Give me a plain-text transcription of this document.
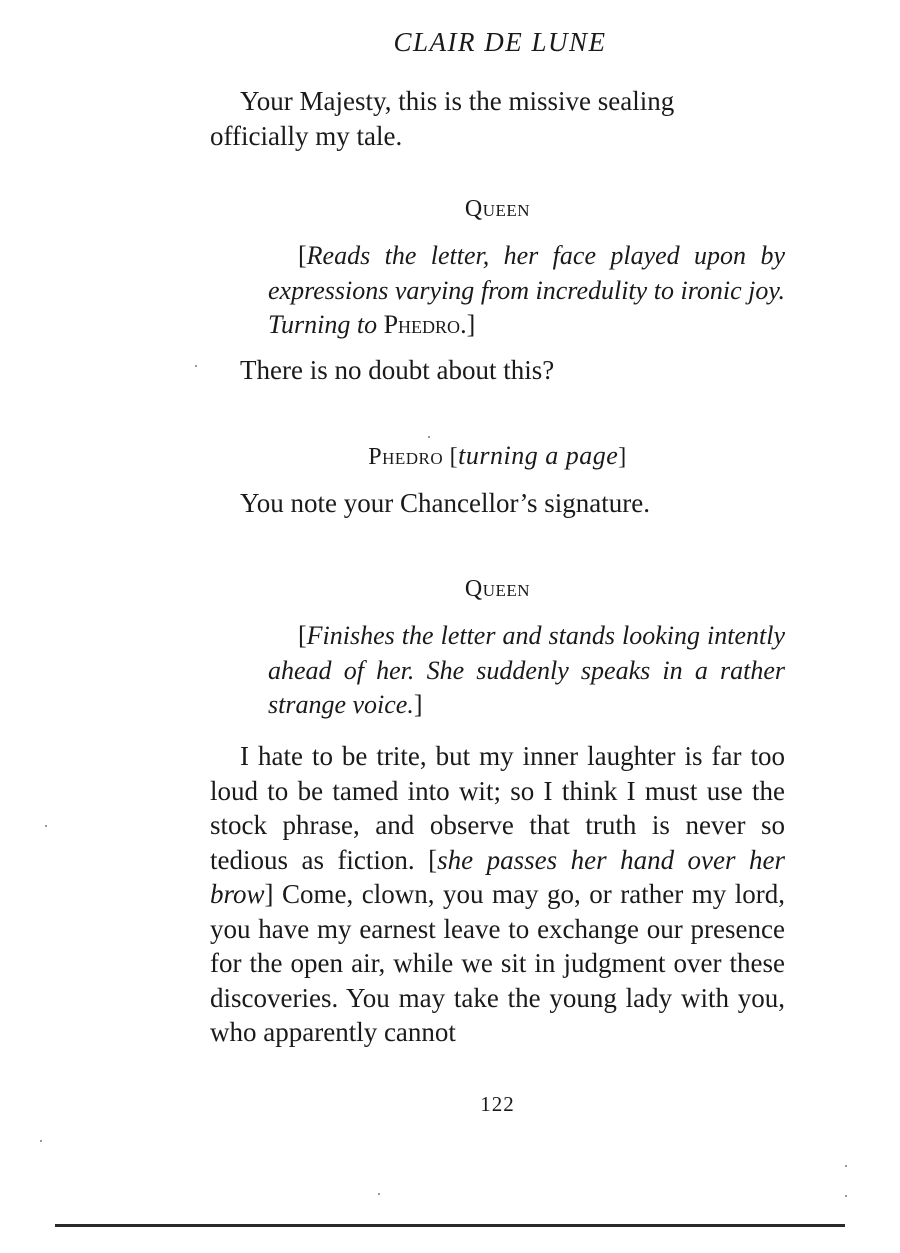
CLAIR DE LUNE
Your Majesty, this is the missive sealing
officially my tale.
Queen

[Reads the letter, her face played upon by expressions varying from incredulity to ironic joy. Turning to Phedro.]

There is no doubt about this?
Phedro [turning a page]
You note your Chancellor’s signature.
Queen

[Finishes the letter and stands looking intently ahead of her. She suddenly speaks in a rather strange voice.]

I hate to be trite, but my inner laughter is far too loud to be tamed into wit; so I think I must use the stock phrase, and observe that truth is never so tedious as fiction. [she passes her hand over her brow] Come, clown, you may go, or rather my lord, you have my earnest leave to exchange our presence for the open air, while we sit in judgment over these discoveries. You may take the young lady with you, who apparently cannot

122
